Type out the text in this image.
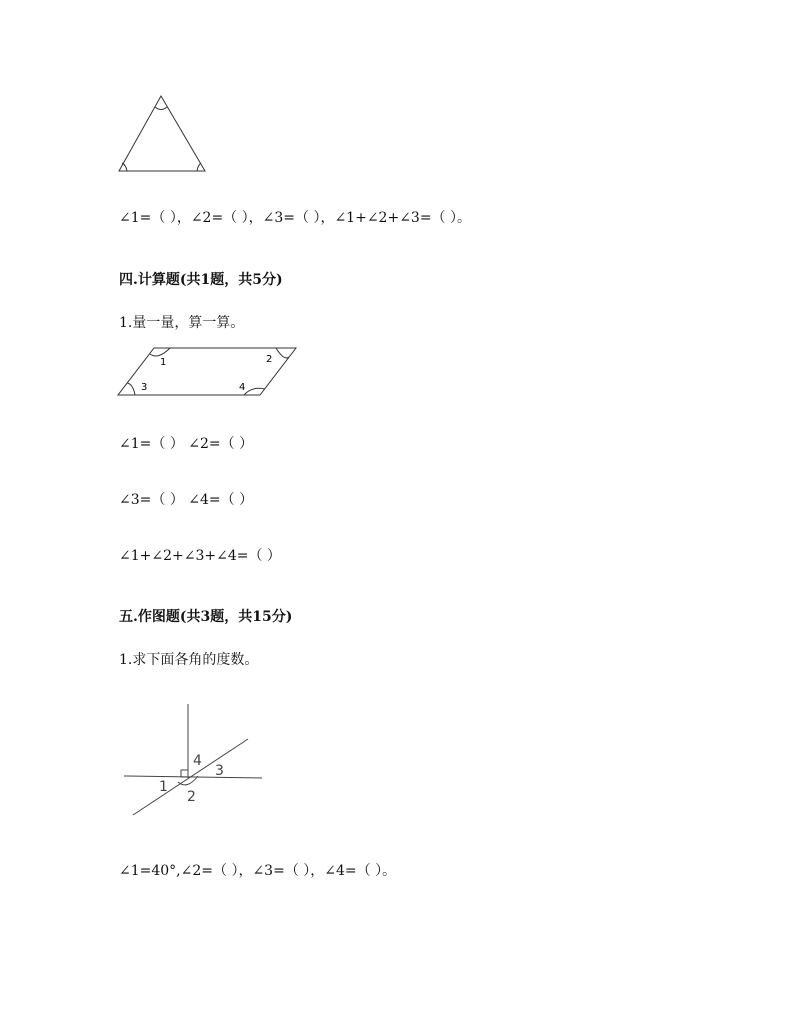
∠1=（ ），∠2=（ ），∠3=（ ），∠1+∠2+∠3=（ ）。
四.计算题(共1题，共5分)
1.量一量，算一算。
1	2
3	4
∠1=（ ） ∠2=（ ）
∠3=（ ） ∠4=（ ）
∠1+∠2+∠3+∠4=（ ）
五.作图题(共3题，共15分)
1.求下面各角的度数。
4
3
1
2
∠1=40°,∠2=（ ），∠3=（ ），∠4=（ ）。
